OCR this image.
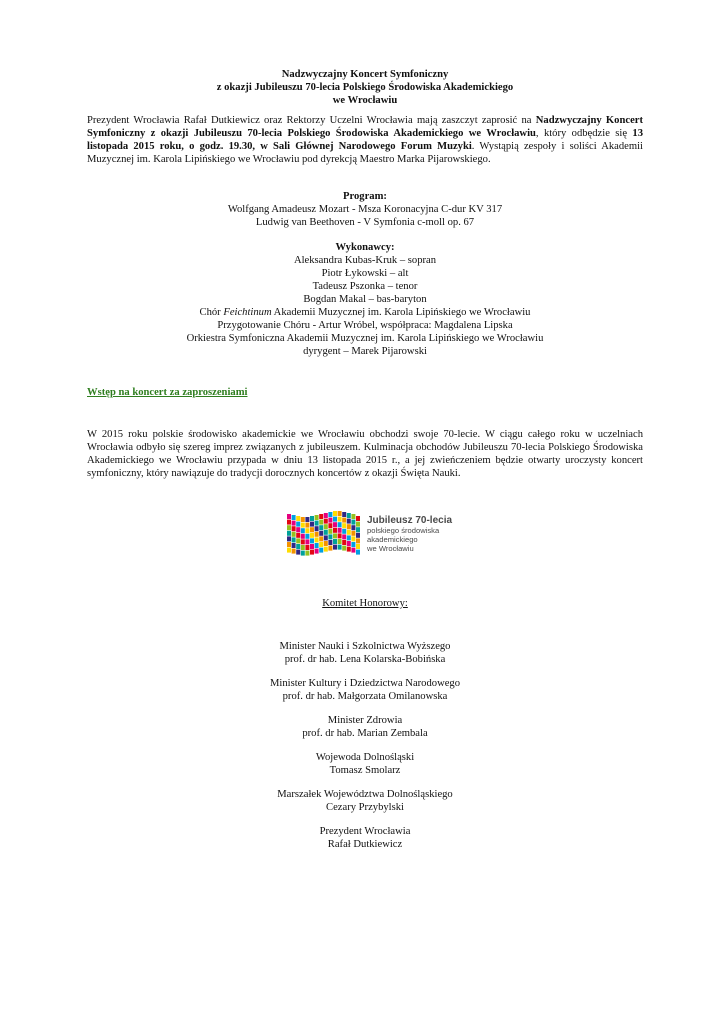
Nadzwyczajny Koncert Symfoniczny
z okazji Jubileuszu 70-lecia Polskiego Środowiska Akademickiego
we Wrocławiu
Prezydent Wrocławia Rafał Dutkiewicz oraz Rektorzy Uczelni Wrocławia mają zaszczyt zaprosić na Nadzwyczajny Koncert Symfoniczny z okazji Jubileuszu 70-lecia Polskiego Środowiska Akademickiego we Wrocławiu, który odbędzie się 13 listopada 2015 roku, o godz. 19.30, w Sali Głównej Narodowego Forum Muzyki. Wystąpią zespoły i soliści Akademii Muzycznej im. Karola Lipińskiego we Wrocławiu pod dyrekcją Maestro Marka Pijarowskiego.
Program:
Wolfgang Amadeusz Mozart - Msza Koronacyjna C-dur KV 317
Ludwig van Beethoven - V Symfonia c-moll op. 67
Wykonawcy:
Aleksandra Kubas-Kruk – sopran
Piotr Łykowski – alt
Tadeusz Pszonka – tenor
Bogdan Makal – bas-baryton
Chór Feichtinum Akademii Muzycznej im. Karola Lipińskiego we Wrocławiu
Przygotowanie Chóru - Artur Wróbel, współpraca: Magdalena Lipska
Orkiestra Symfoniczna Akademii Muzycznej im. Karola Lipińskiego we Wrocławiu
dyrygent – Marek Pijarowski
Wstęp na koncert za zaproszeniami
W 2015 roku polskie środowisko akademickie we Wrocławiu obchodzi swoje 70-lecie. W ciągu całego roku w uczelniach Wrocławia odbyło się szereg imprez związanych z jubileuszem. Kulminacja obchodów Jubileuszu 70-lecia Polskiego Środowiska Akademickiego we Wrocławiu przypada w dniu 13 listopada 2015 r., a jej zwieńczeniem będzie otwarty uroczysty koncert symfoniczny, który nawiązuje do tradycji dorocznych koncertów z okazji Święta Nauki.
Jubileusz 70-lecia
polskiego środowiska
akademickiego
we Wrocławiu
Komitet Honorowy:
Minister Nauki i Szkolnictwa Wyższego
prof. dr hab. Lena Kolarska-Bobińska
Minister Kultury i Dziedzictwa Narodowego
prof. dr hab. Małgorzata Omilanowska
Minister Zdrowia
prof. dr hab. Marian Zembala
Wojewoda Dolnośląski
Tomasz Smolarz
Marszałek Województwa Dolnośląskiego
Cezary Przybylski
Prezydent Wrocławia
Rafał Dutkiewicz
